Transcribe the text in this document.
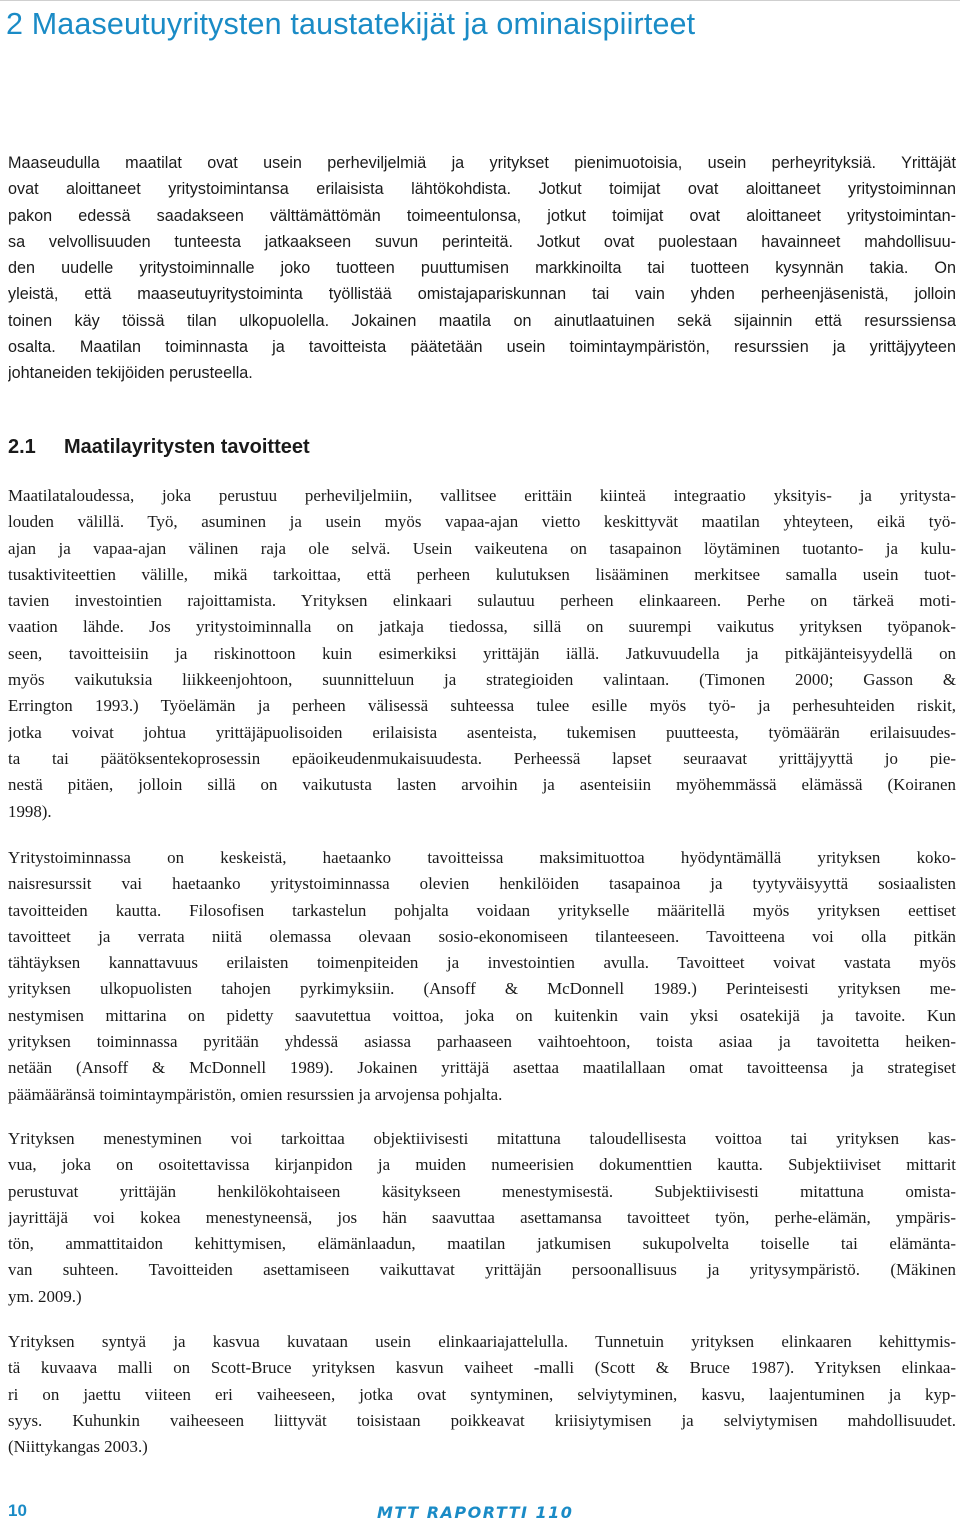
2 Maaseutuyritysten taustatekijät ja ominaispiirteet
Maaseudulla maatilat ovat usein perheviljelmiä ja yritykset pienimuotoisia, usein perheyrityksiä. Yrittäjät
ovat aloittaneet yritystoimintansa erilaisista lähtökohdista. Jotkut toimijat ovat aloittaneet yritystoiminnan
pakon edessä saadakseen välttämättömän toimeentulonsa, jotkut toimijat ovat aloittaneet yritystoimintan-
sa velvollisuuden tunteesta jatkaakseen suvun perinteitä. Jotkut ovat puolestaan havainneet mahdollisuu-
den uudelle yritystoiminnalle joko tuotteen puuttumisen markkinoilta tai tuotteen kysynnän takia. On
yleistä, että maaseutuyritystoiminta työllistää omistajapariskunnan tai vain yhden perheenjäsenistä, jolloin
toinen käy töissä tilan ulkopuolella. Jokainen maatila on ainutlaatuinen sekä sijainnin että resurssiensa
osalta. Maatilan toiminnasta ja tavoitteista päätetään usein toimintaympäristön, resurssien ja yrittäjyyteen
johtaneiden tekijöiden perusteella.
2.1 Maatilayritysten tavoitteet
Maatilataloudessa, joka perustuu perheviljelmiin, vallitsee erittäin kiinteä integraatio yksityis- ja yritysta-
louden välillä. Työ, asuminen ja usein myös vapaa-ajan vietto keskittyvät maatilan yhteyteen, eikä työ-
ajan ja vapaa-ajan välinen raja ole selvä. Usein vaikeutena on tasapainon löytäminen tuotanto- ja kulu-
tusaktiviteettien välille, mikä tarkoittaa, että perheen kulutuksen lisääminen merkitsee samalla usein tuot-
tavien investointien rajoittamista. Yrityksen elinkaari sulautuu perheen elinkaareen. Perhe on tärkeä moti-
vaation lähde. Jos yritystoiminnalla on jatkaja tiedossa, sillä on suurempi vaikutus yrityksen työpanok-
seen, tavoitteisiin ja riskinottoon kuin esimerkiksi yrittäjän iällä. Jatkuvuudella ja pitkäjänteisyydellä on
myös vaikutuksia liikkeenjohtoon, suunnitteluun ja strategioiden valintaan. (Timonen 2000; Gasson &
Errington 1993.) Työelämän ja perheen välisessä suhteessa tulee esille myös työ- ja perhesuhteiden riskit,
jotka voivat johtua yrittäjäpuolisoiden erilaisista asenteista, tukemisen puutteesta, työmäärän erilaisuudes-
ta tai päätöksentekoprosessin epäoikeudenmukaisuudesta. Perheessä lapset seuraavat yrittäjyyttä jo pie-
nestä pitäen, jolloin sillä on vaikutusta lasten arvoihin ja asenteisiin myöhemmässä elämässä (Koiranen
1998).
Yritystoiminnassa on keskeistä, haetaanko tavoitteissa maksimituottoa hyödyntämällä yrityksen koko-
naisresurssit vai haetaanko yritystoiminnassa olevien henkilöiden tasapainoa ja tyytyväisyyttä sosiaalisten
tavoitteiden kautta. Filosofisen tarkastelun pohjalta voidaan yritykselle määritellä myös yrityksen eettiset
tavoitteet ja verrata niitä olemassa olevaan sosio-ekonomiseen tilanteeseen. Tavoitteena voi olla pitkän
tähtäyksen kannattavuus erilaisten toimenpiteiden ja investointien avulla. Tavoitteet voivat vastata myös
yrityksen ulkopuolisten tahojen pyrkimyksiin. (Ansoff & McDonnell 1989.) Perinteisesti yrityksen me-
nestymisen mittarina on pidetty saavutettua voittoa, joka on kuitenkin vain yksi osatekijä ja tavoite. Kun
yrityksen toiminnassa pyritään yhdessä asiassa parhaaseen vaihtoehtoon, toista asiaa ja tavoitetta heiken-
netään (Ansoff & McDonnell 1989). Jokainen yrittäjä asettaa maatilallaan omat tavoitteensa ja strategiset
päämääränsä toimintaympäristön, omien resurssien ja arvojensa pohjalta.
Yrityksen menestyminen voi tarkoittaa objektiivisesti mitattuna taloudellisesta voittoa tai yrityksen kas-
vua, joka on osoitettavissa kirjanpidon ja muiden numeerisien dokumenttien kautta. Subjektiiviset mittarit
perustuvat yrittäjän henkilökohtaiseen käsitykseen menestymisestä. Subjektiivisesti mitattuna omista-
jayrittäjä voi kokea menestyneensä, jos hän saavuttaa asettamansa tavoitteet työn, perhe-elämän, ympäris-
tön, ammattitaidon kehittymisen, elämänlaadun, maatilan jatkumisen sukupolvelta toiselle tai elämänta-
van suhteen. Tavoitteiden asettamiseen vaikuttavat yrittäjän persoonallisuus ja yritysympäristö. (Mäkinen
ym. 2009.)
Yrityksen syntyä ja kasvua kuvataan usein elinkaariajattelulla. Tunnetuin yrityksen elinkaaren kehittymis-
tä kuvaava malli on Scott-Bruce yrityksen kasvun vaiheet -malli (Scott & Bruce 1987). Yrityksen elinkaa-
ri on jaettu viiteen eri vaiheeseen, jotka ovat syntyminen, selviytyminen, kasvu, laajentuminen ja kyp-
syys. Kuhunkin vaiheeseen liittyvät toisistaan poikkeavat kriisiytymisen ja selviytymisen mahdollisuudet.
(Niittykangas 2003.)
10	MTT RAPORTTI 110
